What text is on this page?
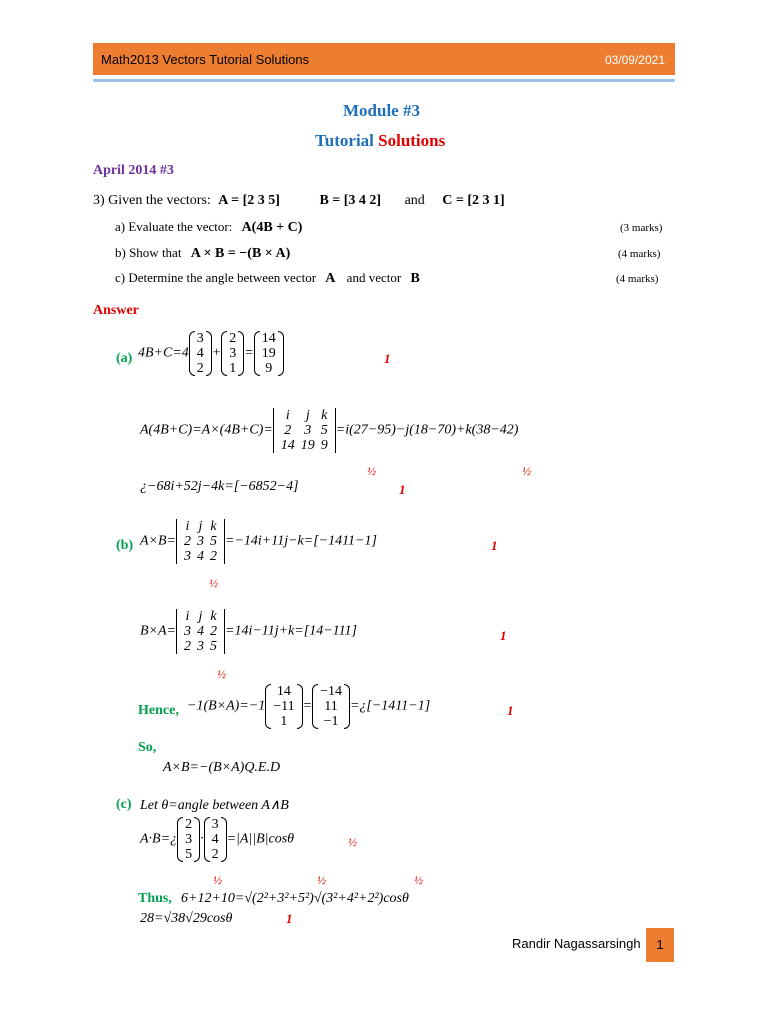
Math2013 Vectors Tutorial Solutions	03/09/2021
Module #3
Tutorial Solutions
April 2014 #3
3) Given the vectors: A = [2 3 5]	B = [3 4 2] and C = [2 3 1]
a) Evaluate the vector: A(4B + C)	(3 marks)
b) Show that A × B = −(B × A)	(4 marks)
c) Determine the angle between vector A and vector B	(4 marks)
Answer
(a) 4B+C=4
3
4
2
+
2
3
1
=
14
19
9
1
A(4B+C)=A×(4B+C)=
i	j	k
2	3	5
14	19	9
=i(27−95)−j(18−70)+k(38−42)
½	½
¿−68i+52j−4k=[−6852−4]	1
(b) A×B=
i	j	k
2	3	5
3	4	2
=−14i+11j−k=[−1411−1]	1
½
B×A=
i	j	k
3	4	2
2	3	5
=14i−11j+k=[14−111]	1
½
Hence, −1(B×A)=−1
14
−11
1
=
−14
11
−1
=¿[−1411−1]	1
So,
A×B=−(B×A)Q.E.D
(c) Let θ=angle between A∧B
A·B=¿
2
3
5
·
3
4
2
=|A||B|cosθ	½
½	½	½
Thus, 6+12+10=√(2²+3²+5²)√(3²+4²+2²)cosθ
28=√38√29cosθ	1
Randir Nagassarsingh	1
